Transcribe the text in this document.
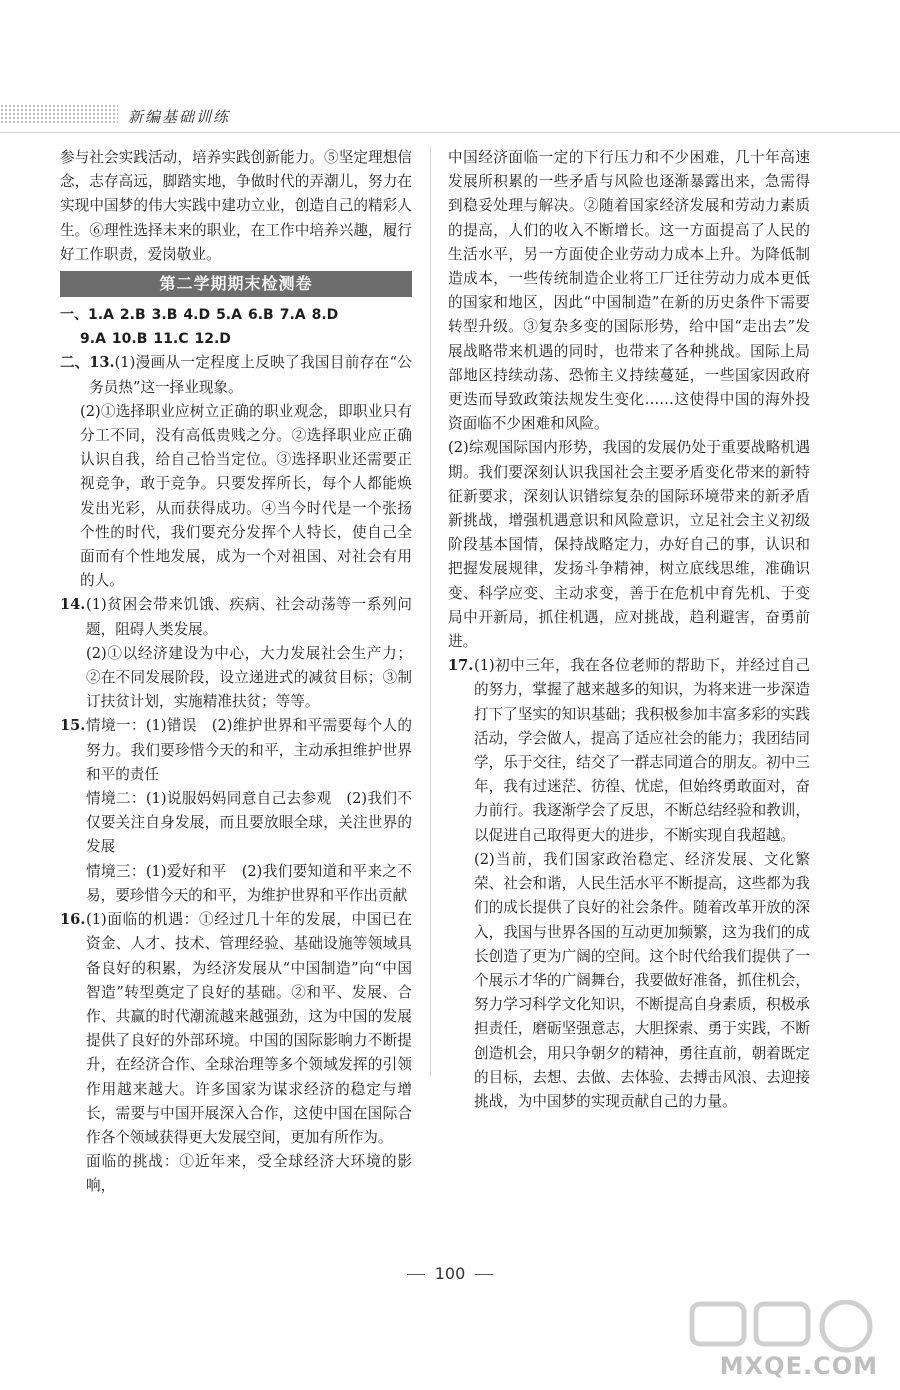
新编基础训练

参与社会实践活动，培养实践创新能力。⑤坚定理想信念，志存高远，脚踏实地，争做时代的弄潮儿，努力在实现中国梦的伟大实践中建功立业，创造自己的精彩人生。⑥理性选择未来的职业，在工作中培养兴趣，履行好工作职责，爱岗敬业。

第二学期期末检测卷
一、 1.A 2.B 3.B 4.D 5.A 6.B 7.A 8.D
9.A 10.B 11.C 12.D
二、 13.(1)漫画从一定程度上反映了我国目前存在“公务员热”这一择业现象。

(2)①选择职业应树立正确的职业观念，即职业只有分工不同，没有高低贵贱之分。②选择职业应正确认识自我，给自己恰当定位。③选择职业还需要正视竞争，敢于竞争。只要发挥所长，每个人都能焕发出光彩，从而获得成功。④当今时代是一个张扬个性的时代，我们要充分发挥个人特长，使自己全面而有个性地发展，成为一个对祖国、对社会有用的人。

14. (1)贫困会带来饥饿、疾病、社会动荡等一系列问题，阻碍人类发展。

(2)①以经济建设为中心，大力发展社会生产力；②在不同发展阶段，设立递进式的减贫目标；③制订扶贫计划，实施精准扶贫；等等。

15. 情境一：(1)错误　(2)维护世界和平需要每个人的努力。我们要珍惜今天的和平，主动承担维护世界和平的责任

情境二：(1)说服妈妈同意自己去参观　(2)我们不仅要关注自身发展，而且要放眼全球，关注世界的发展

情境三：(1)爱好和平　(2)我们要知道和平来之不易，要珍惜今天的和平，为维护世界和平作出贡献

16. (1)面临的机遇：①经过几十年的发展，中国已在资金、人才、技术、管理经验、基础设施等领域具备良好的积累，为经济发展从“中国制造”向“中国智造”转型奠定了良好的基础。②和平、发展、合作、共赢的时代潮流越来越强劲，这为中国的发展提供了良好的外部环境。中国的国际影响力不断提升，在经济合作、全球治理等多个领域发挥的引领作用越来越大。许多国家为谋求经济的稳定与增长，需要与中国开展深入合作，这使中国在国际合作各个领域获得更大发展空间，更加有所作为。

面临的挑战：①近年来，受全球经济大环境的影响，

中国经济面临一定的下行压力和不少困难，几十年高速发展所积累的一些矛盾与风险也逐渐暴露出来，急需得到稳妥处理与解决。②随着国家经济发展和劳动力素质的提高，人们的收入不断增长。这一方面提高了人民的生活水平，另一方面使企业劳动力成本上升。为降低制造成本，一些传统制造企业将工厂迁往劳动力成本更低的国家和地区，因此“中国制造”在新的历史条件下需要转型升级。③复杂多变的国际形势，给中国“走出去”发展战略带来机遇的同时，也带来了各种挑战。国际上局部地区持续动荡、恐怖主义持续蔓延，一些国家因政府更迭而导致政策法规发生变化……这使得中国的海外投资面临不少困难和风险。

(2)综观国际国内形势，我国的发展仍处于重要战略机遇期。我们要深刻认识我国社会主要矛盾变化带来的新特征新要求，深刻认识错综复杂的国际环境带来的新矛盾新挑战，增强机遇意识和风险意识，立足社会主义初级阶段基本国情，保持战略定力，办好自己的事，认识和把握发展规律，发扬斗争精神，树立底线思维，准确识变、科学应变、主动求变，善于在危机中育先机、于变局中开新局，抓住机遇，应对挑战，趋利避害，奋勇前进。

17. (1)初中三年，我在各位老师的帮助下，并经过自己的努力，掌握了越来越多的知识，为将来进一步深造打下了坚实的知识基础；我积极参加丰富多彩的实践活动，学会做人，提高了适应社会的能力；我团结同学，乐于交往，结交了一群志同道合的朋友。初中三年，我有过迷茫、彷徨、忧虑，但始终勇敢面对，奋力前行。我逐渐学会了反思，不断总结经验和教训，以促进自己取得更大的进步，不断实现自我超越。

(2)当前，我们国家政治稳定、经济发展、文化繁荣、社会和谐，人民生活水平不断提高，这些都为我们的成长提供了良好的社会条件。随着改革开放的深入，我国与世界各国的互动更加频繁，这为我们的成长创造了更为广阔的空间。这个时代给我们提供了一个展示才华的广阔舞台，我要做好准备，抓住机会，努力学习科学文化知识，不断提高自身素质，积极承担责任，磨砺坚强意志，大胆探索、勇于实践，不断创造机会，用只争朝夕的精神，勇往直前，朝着既定的目标，去想、去做、去体验、去搏击风浪、去迎接挑战，为中国梦的实现贡献自己的力量。

100
MXQE.COM
